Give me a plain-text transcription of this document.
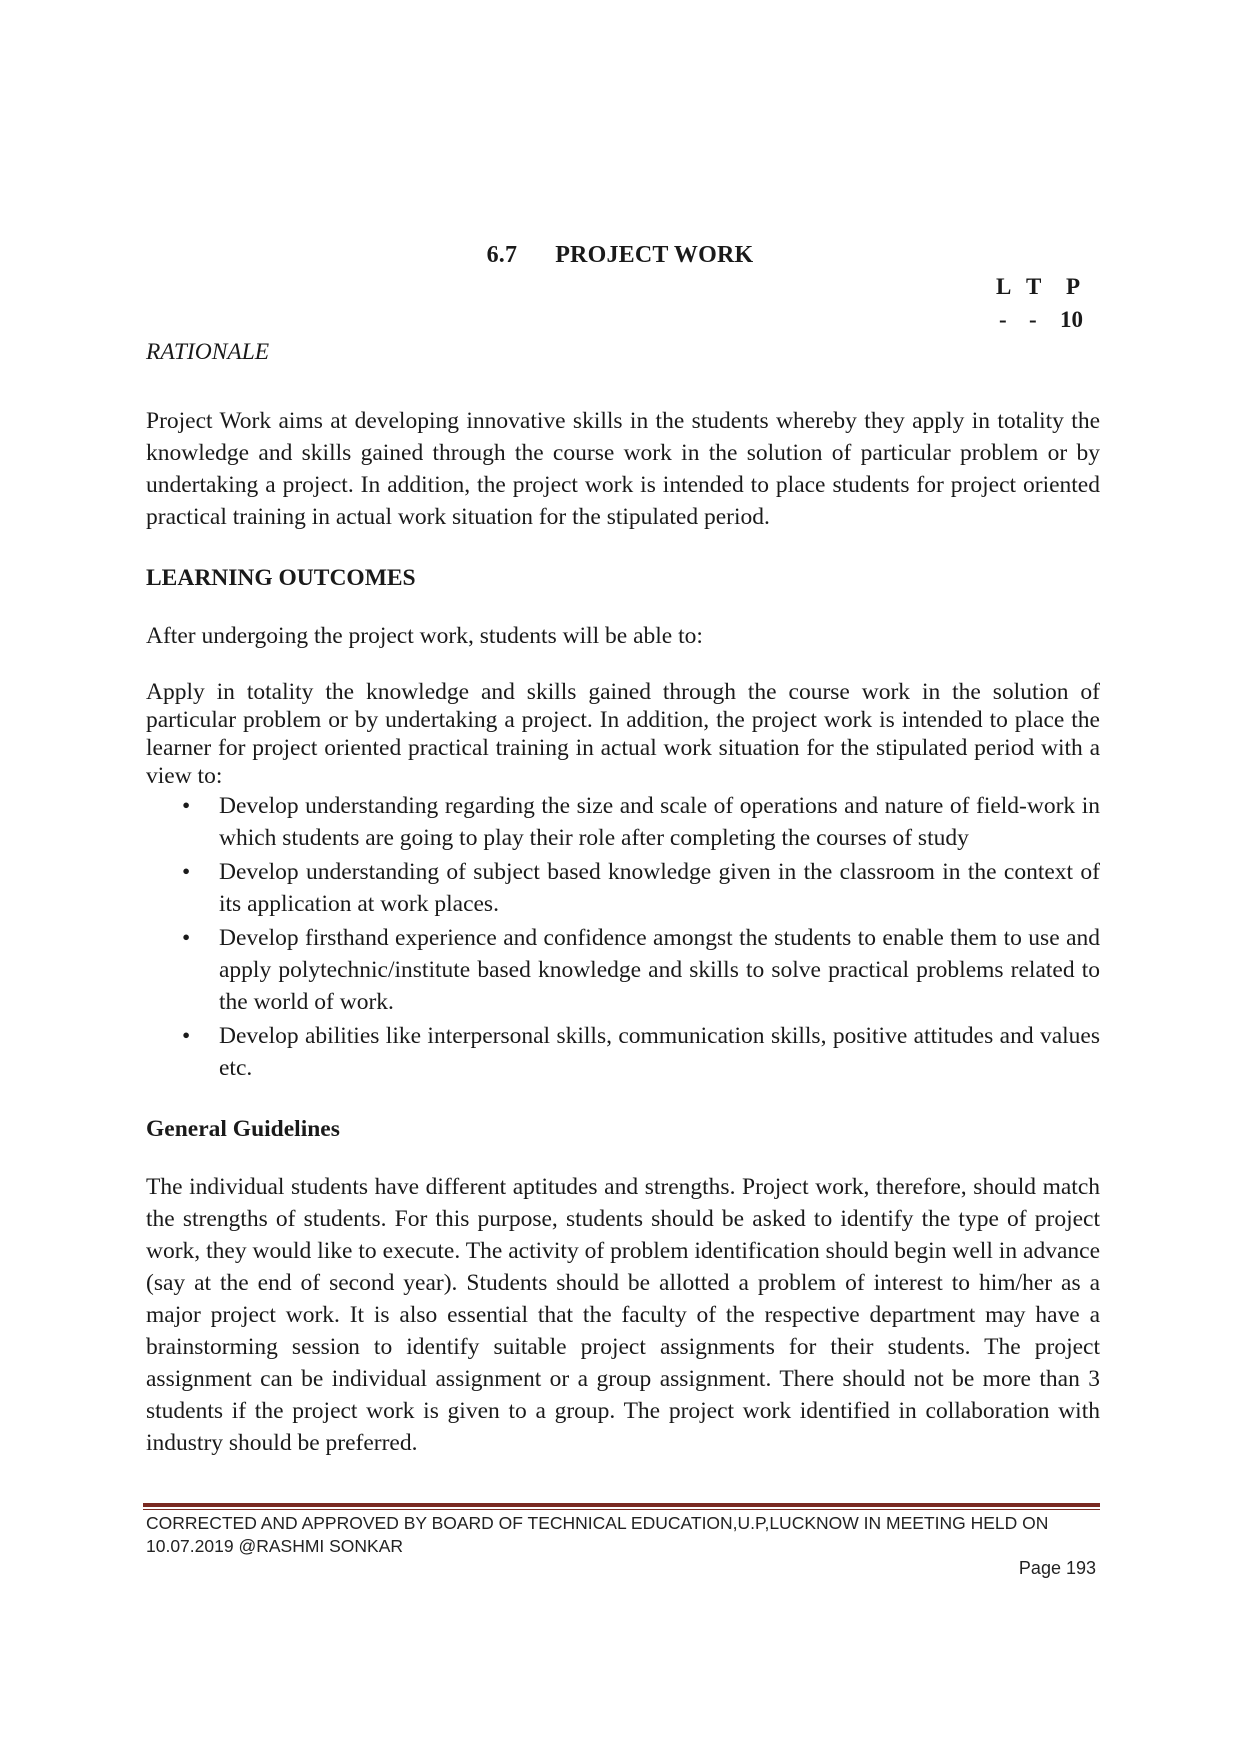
6.7 PROJECT WORK
L T P
- - 10
RATIONALE
Project Work aims at developing innovative skills in the students whereby they apply in totality the knowledge and skills gained through the course work in the solution of particular problem or by undertaking a project. In addition, the project work is intended to place students for project oriented practical training in actual work situation for the stipulated period.
LEARNING OUTCOMES
After undergoing the project work, students will be able to:
Apply in totality the knowledge and skills gained through the course work in the solution of particular problem or by undertaking a project. In addition, the project work is intended to place the learner for project oriented practical training in actual work situation for the stipulated period with a view to:
• Develop understanding regarding the size and scale of operations and nature of field-work in which students are going to play their role after completing the courses of study
• Develop understanding of subject based knowledge given in the classroom in the context of its application at work places.
• Develop firsthand experience and confidence amongst the students to enable them to use and apply polytechnic/institute based knowledge and skills to solve practical problems related to the world of work.
• Develop abilities like interpersonal skills, communication skills, positive attitudes and values etc.
General Guidelines
The individual students have different aptitudes and strengths. Project work, therefore, should match the strengths of students. For this purpose, students should be asked to identify the type of project work, they would like to execute. The activity of problem identification should begin well in advance (say at the end of second year). Students should be allotted a problem of interest to him/her as a major project work. It is also essential that the faculty of the respective department may have a brainstorming session to identify suitable project assignments for their students. The project assignment can be individual assignment or a group assignment. There should not be more than 3 students if the project work is given to a group. The project work identified in collaboration with industry should be preferred.
CORRECTED AND APPROVED BY BOARD OF TECHNICAL EDUCATION,U.P,LUCKNOW IN MEETING HELD ON 10.07.2019 @RASHMI SONKAR
Page 193
